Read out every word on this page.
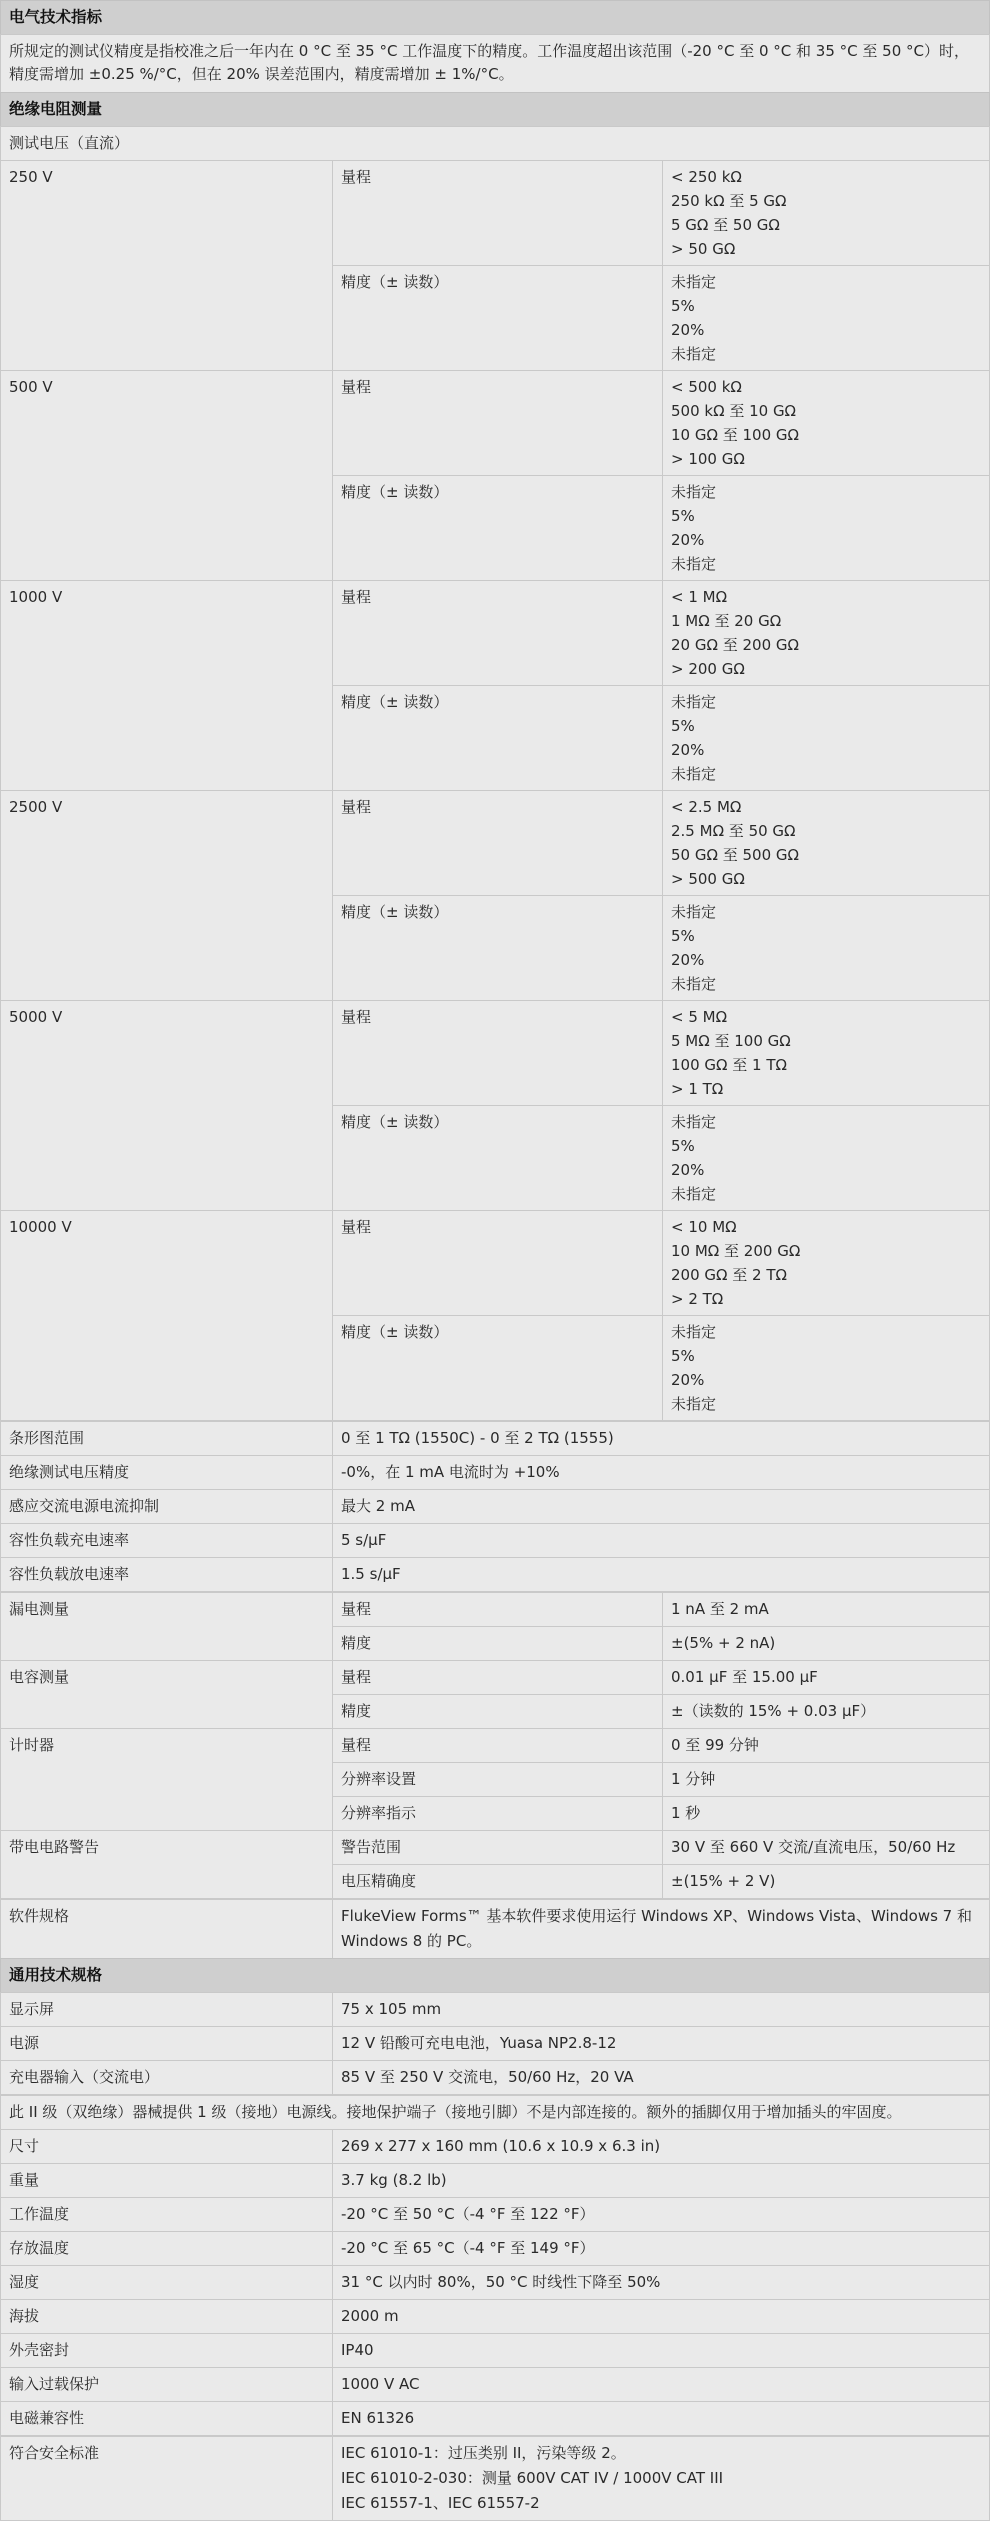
电气技术指标
所规定的测试仪精度是指校准之后一年内在 0 °C 至 35 °C 工作温度下的精度。工作温度超出该范围（-20 °C 至 0 °C 和 35 °C 至 50 °C）时，精度需增加 ±0.25 %/°C，但在 20% 误差范围内，精度需增加 ± 1%/°C。
绝缘电阻测量
测试电压（直流）
250 V	量程	< 250 kΩ
250 kΩ 至 5 GΩ
5 GΩ 至 50 GΩ
> 50 GΩ
精度（± 读数）	未指定
5%
20%
未指定
500 V	量程	< 500 kΩ
500 kΩ 至 10 GΩ
10 GΩ 至 100 GΩ
> 100 GΩ
精度（± 读数）	未指定
5%
20%
未指定
1000 V	量程	< 1 MΩ
1 MΩ 至 20 GΩ
20 GΩ 至 200 GΩ
> 200 GΩ
精度（± 读数）	未指定
5%
20%
未指定
2500 V	量程	< 2.5 MΩ
2.5 MΩ 至 50 GΩ
50 GΩ 至 500 GΩ
> 500 GΩ
精度（± 读数）	未指定
5%
20%
未指定
5000 V	量程	< 5 MΩ
5 MΩ 至 100 GΩ
100 GΩ 至 1 TΩ
> 1 TΩ
精度（± 读数）	未指定
5%
20%
未指定
10000 V	量程	< 10 MΩ
10 MΩ 至 200 GΩ
200 GΩ 至 2 TΩ
> 2 TΩ
精度（± 读数）	未指定
5%
20%
未指定
条形图范围	0 至 1 TΩ (1550C) - 0 至 2 TΩ (1555)
绝缘测试电压精度	-0%，在 1 mA 电流时为 +10%
感应交流电源电流抑制	最大 2 mA
容性负载充电速率	5 s/μF
容性负载放电速率	1.5 s/μF
漏电测量	量程	1 nA 至 2 mA
精度	±(5% + 2 nA)
电容测量	量程	0.01 μF 至 15.00 μF
精度	±（读数的 15% + 0.03 μF）
计时器	量程	0 至 99 分钟
分辨率设置	1 分钟
分辨率指示	1 秒
带电电路警告	警告范围	30 V 至 660 V 交流/直流电压，50/60 Hz
电压精确度	±(15% + 2 V)
软件规格	FlukeView Forms™ 基本软件要求使用运行 Windows XP、Windows Vista、Windows 7 和 Windows 8 的 PC。
通用技术规格
显示屏	75 x 105 mm
电源	12 V 铅酸可充电电池，Yuasa NP2.8-12
充电器输入（交流电）	85 V 至 250 V 交流电，50/60 Hz，20 VA
此 II 级（双绝缘）器械提供 1 级（接地）电源线。接地保护端子（接地引脚）不是内部连接的。额外的插脚仅用于增加插头的牢固度。
尺寸	269 x 277 x 160 mm (10.6 x 10.9 x 6.3 in)
重量	3.7 kg (8.2 lb)
工作温度	-20 °C 至 50 °C（-4 °F 至 122 °F）
存放温度	-20 °C 至 65 °C（-4 °F 至 149 °F）
湿度	31 °C 以内时 80%，50 °C 时线性下降至 50%
海拔	2000 m
外壳密封	IP40
输入过载保护	1000 V AC
电磁兼容性	EN 61326
符合安全标准	IEC 61010-1：过压类别 II，污染等级 2。
IEC 61010-2-030：测量 600V CAT IV / 1000V CAT III
IEC 61557-1、IEC 61557-2
